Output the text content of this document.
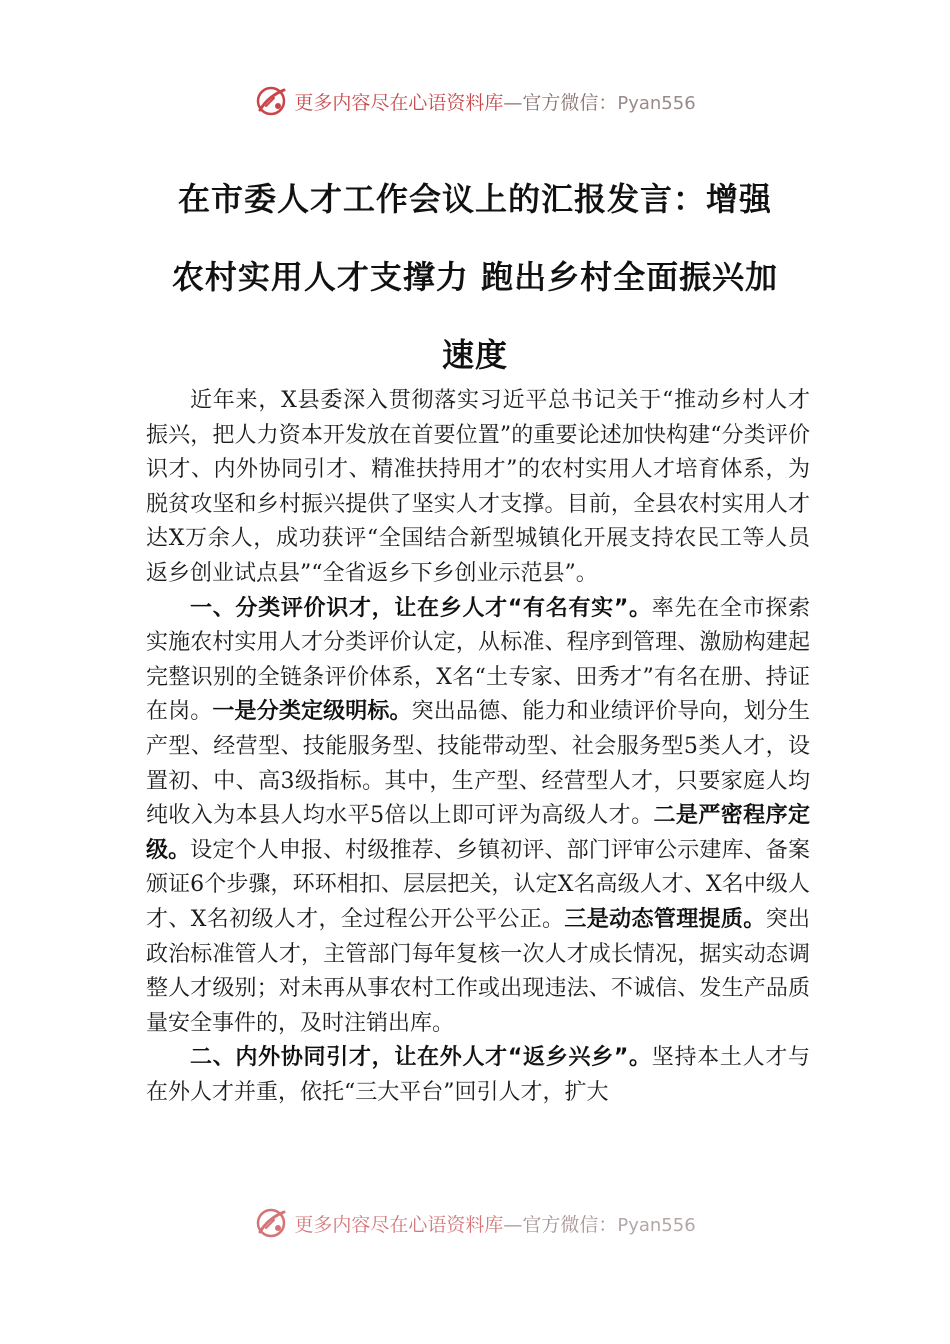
更多内容尽在心语资料库—官方微信：Pyan556
在市委人才工作会议上的汇报发言：增强
农村实用人才支撑力 跑出乡村全面振兴加
速度

近年来，X县委深入贯彻落实习近平总书记关于“推动乡村人才振兴，把人力资本开发放在首要位置”的重要论述加快构建“分类评价识才、内外协同引才、精准扶持用才”的农村实用人才培育体系，为脱贫攻坚和乡村振兴提供了坚实人才支撑。目前，全县农村实用人才达X万余人，成功获评“全国结合新型城镇化开展支持农民工等人员返乡创业试点县”“全省返乡下乡创业示范县”。

一、分类评价识才，让在乡人才“有名有实”。率先在全市探索实施农村实用人才分类评价认定，从标准、程序到管理、激励构建起完整识别的全链条评价体系，X名“土专家、田秀才”有名在册、持证在岗。一是分类定级明标。突出品德、能力和业绩评价导向，划分生产型、经营型、技能服务型、技能带动型、社会服务型5类人才，设置初、中、高3级指标。其中，生产型、经营型人才，只要家庭人均纯收入为本县人均水平5倍以上即可评为高级人才。二是严密程序定级。设定个人申报、村级推荐、乡镇初评、部门评审公示建库、备案颁证6个步骤，环环相扣、层层把关，认定X名高级人才、X名中级人才、X名初级人才，全过程公开公平公正。三是动态管理提质。突出政治标准管人才，主管部门每年复核一次人才成长情况，据实动态调整人才级别；对未再从事农村工作或出现违法、不诚信、发生产品质量安全事件的，及时注销出库。

二、内外协同引才，让在外人才“返乡兴乡”。坚持本土人才与在外人才并重，依托“三大平台”回引人才，扩大

更多内容尽在心语资料库—官方微信：Pyan556
